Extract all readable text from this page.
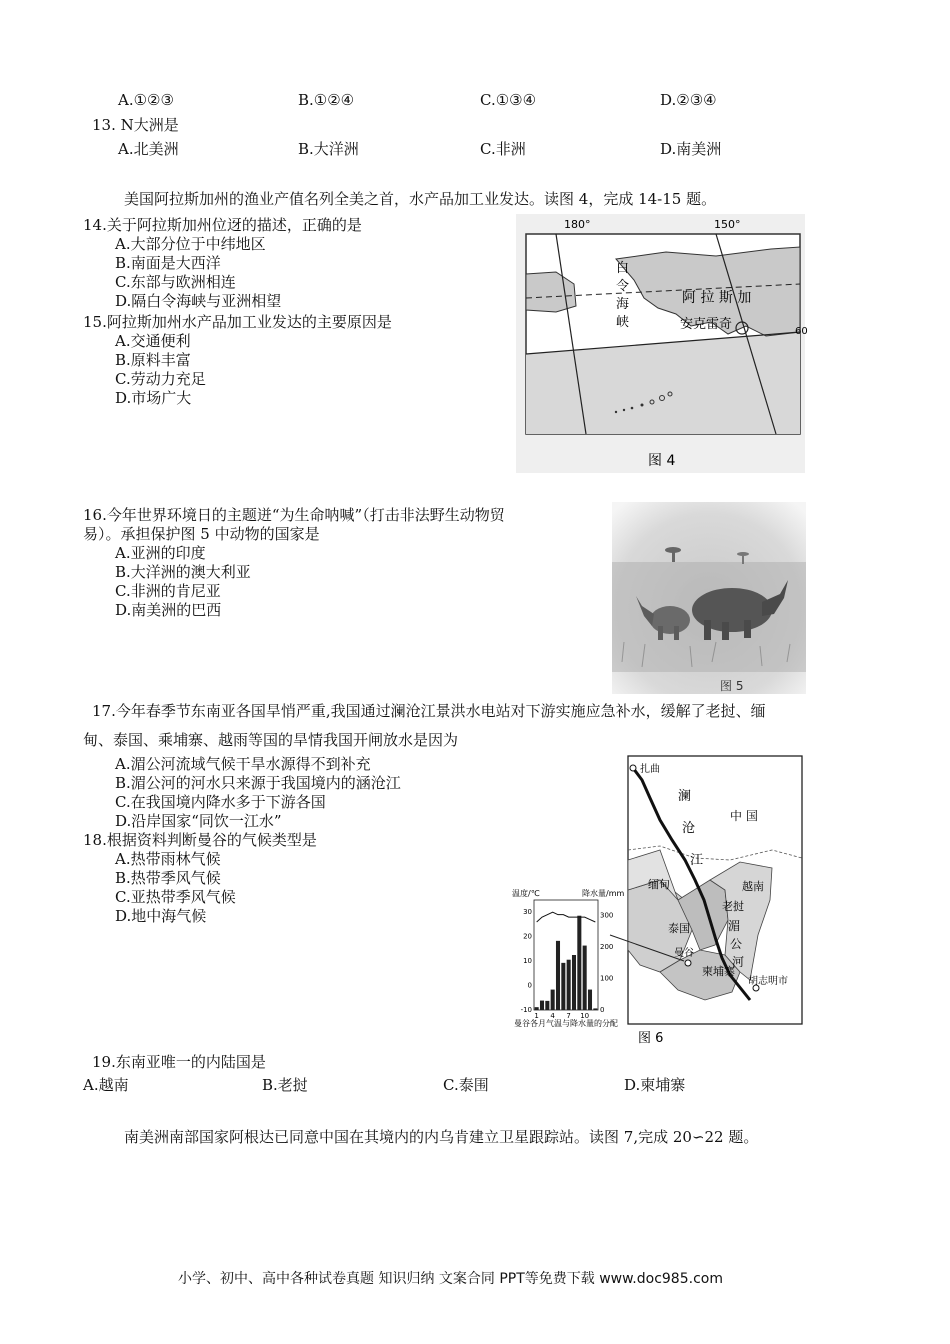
A.①②③	B.①②④	C.①③④	D.②③④
13. N大洲是
A.北美洲	B.大洋洲	C.非洲	D.南美洲
美国阿拉斯加州的渔业产值名列全美之首，水产品加工业发达。读图 4，完成 14-15 题。
14.关于阿拉斯加州位迓的描述，正确的是
A.大部分位于中纬地区
B.南面是大西洋
C.东部与欧洲相连
D.隔白令海峡与亚洲相望
15.阿拉斯加州水产品加工业发达的主要原因是
A.交通便利
B.原料丰富
C.劳动力充足
D.市场广大
180°	150°
白
令
海
峡
阿 拉 斯 加
安克雷奇	60
图 4
16.今年世界环境日的主题迸“为生命呐喊”（打击非法野生动物贸
易）。承担保护图 5 中动物的国家是
A.亚洲的印度
B.大洋洲的澳大利亚
C.非洲的肯尼亚
D.南美洲的巴西
图 5
17.今年春季节东南亚各国旱悄严重,我国通过澜沧江景洪水电站对下游实施应急补水，缓解了老挝、缅
甸、泰国、乘埔寨、越雨等国的旱情我国开闸放水是因为
A.湄公河流域气候干旱水源得不到补充
B.湄公河的河水只来源于我国境内的涵沧江
C.在我国境内降水多于下游各国
D.沿岸国家“同饮一江水”
18.根据资料判断曼谷的气候类型是
A.热带雨林气候
B.热带季风气候
C.亚热带季风气候
D.地中海气候
扎曲
澜
沧
江
中 国
缅甸	越南
老挝
泰国	湄
公
河
曼谷
柬埔寨
胡志明市
-10
0
10
20
30
0
100
200
300
1 4 7 10
温度/℃	降水量/mm
曼谷各月气温与降水量的分配
图 6
19.东南亚唯一的内陆国是
A.越南	B.老挝	C.泰围	D.柬埔寨
南美洲南部国家阿根达已同意中国在其境内的内乌肯建立卫星跟踪站。读图 7,完成 20∽22 题。
小学、初中、高中各种试卷真题 知识归纳 文案合同 PPT等免费下载 www.doc985.com
